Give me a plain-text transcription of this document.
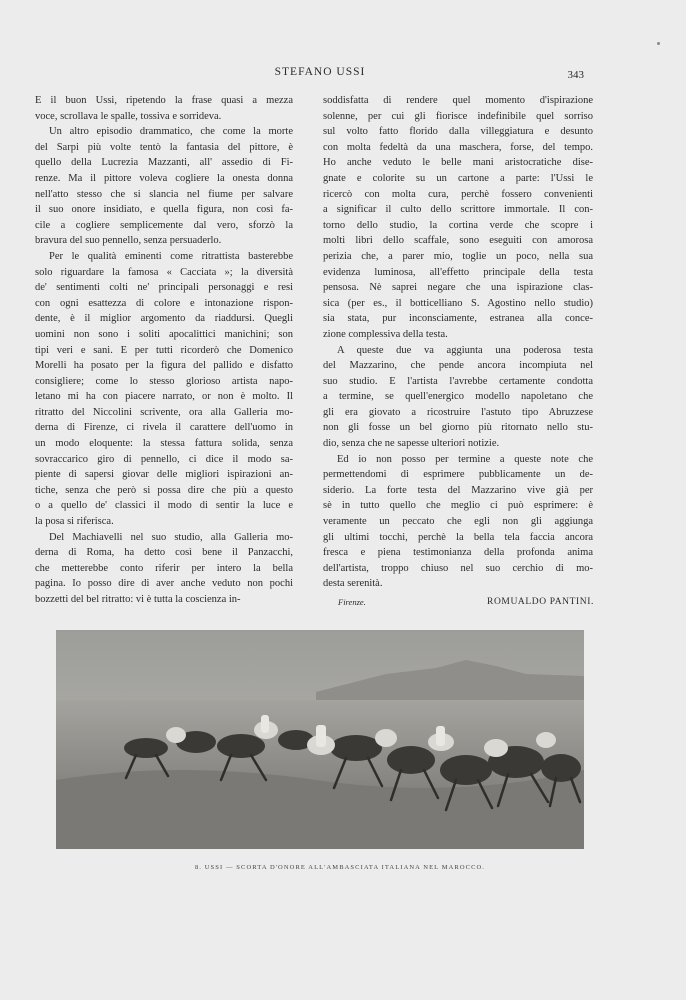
STEFANO USSI	343
E il buon Ussi, ripetendo la frase quasi a mezza
voce, scrollava le spalle, tossiva e sorrideva.
Un altro episodio drammatico, che come la morte
del Sarpi più volte tentò la fantasia del pittore, è
quello della Lucrezia Mazzanti, all' assedio di Fi-
renze. Ma il pittore voleva cogliere la onesta donna
nell'atto stesso che si slancia nel fiume per salvare
il suo onore insidiato, e quella figura, non così fa-
cile a cogliere semplicemente dal vero, sforzò la
bravura del suo pennello, senza persuaderlo.
Per le qualità eminenti come ritrattista basterebbe
solo riguardare la famosa « Cacciata »; la diversità
de' sentimenti colti ne' principali personaggi e resi
con ogni esattezza di colore e intonazione rispon-
dente, è il miglior argomento da riaddursi. Quegli
uomini non sono i soliti apocalittici manichini; son
tipi veri e sani. E per tutti ricorderò che Domenico
Morelli ha posato per la figura del pallido e disfatto
consigliere; come lo stesso glorioso artista napo-
letano mi ha con piacere narrato, or non è molto. Il
ritratto del Niccolini scrivente, ora alla Galleria mo-
derna di Firenze, ci rivela il carattere dell'uomo in
un modo eloquente: la stessa fattura solida, senza
sovraccarico giro di pennello, ci dice il modo sa-
piente di sapersi giovar delle migliori ispirazioni an-
tiche, senza che però si possa dire che più a questo
o a quello de' classici il modo di sentir la luce e
la posa si riferisca.
Del Machiavelli nel suo studio, alla Galleria mo-
derna di Roma, ha detto così bene il Panzacchi,
che metterebbe conto riferir per intero la bella
pagina. Io posso dire di aver anche veduto non pochi
bozzetti del bel ritratto: vi è tutta la coscienza in-
soddisfatta di rendere quel momento d'ispirazione
solenne, per cui gli fiorisce indefinibile quel sorriso
sul volto fatto florido dalla villeggiatura e desunto
con molta fedeltà da una maschera, forse, del tempo.
Ho anche veduto le belle mani aristocratiche dise-
gnate e colorite su un cartone a parte: l'Ussi le
ricercò con molta cura, perchè fossero convenienti
a significar il culto dello scrittore immortale. Il con-
torno dello studio, la cortina verde che scopre i
molti libri dello scaffale, sono eseguiti con amorosa
perizia che, a parer mio, toglie un poco, nella sua
evidenza luminosa, all'effetto principale della testa
pensosa. Nè saprei negare che una ispirazione clas-
sica (per es., il botticelliano S. Agostino nello studio)
sia stata, pur inconsciamente, estranea alla conce-
zione complessiva della testa.
A queste due va aggiunta una poderosa testa
del Mazzarino, che pende ancora incompiuta nel
suo studio. E l'artista l'avrebbe certamente condotta
a termine, se quell'energico modello napoletano che
gli era giovato a ricostruire l'astuto tipo Abruzzese
non gli fosse un bel giorno più ritornato nello stu-
dio, senza che ne sapesse ulteriori notizie.
Ed io non posso per termine a queste note che
permettendomi di esprimere pubblicamente un de-
siderio. La forte testa del Mazzarino vive già per
sè in tutto quello che meglio ci può esprimere: è
veramente un peccato che egli non gli aggiunga
gli ultimi tocchi, perchè la bella tela faccia ancora
fresca e piena testimonianza della profonda anima
dell'artista, troppo chiuso nel suo cerchio di mo-
desta serenità.
Firenze.	ROMUALDO PANTINI.
8. USSI — SCORTA D'ONORE ALL'AMBASCIATA ITALIANA NEL MAROCCO.
